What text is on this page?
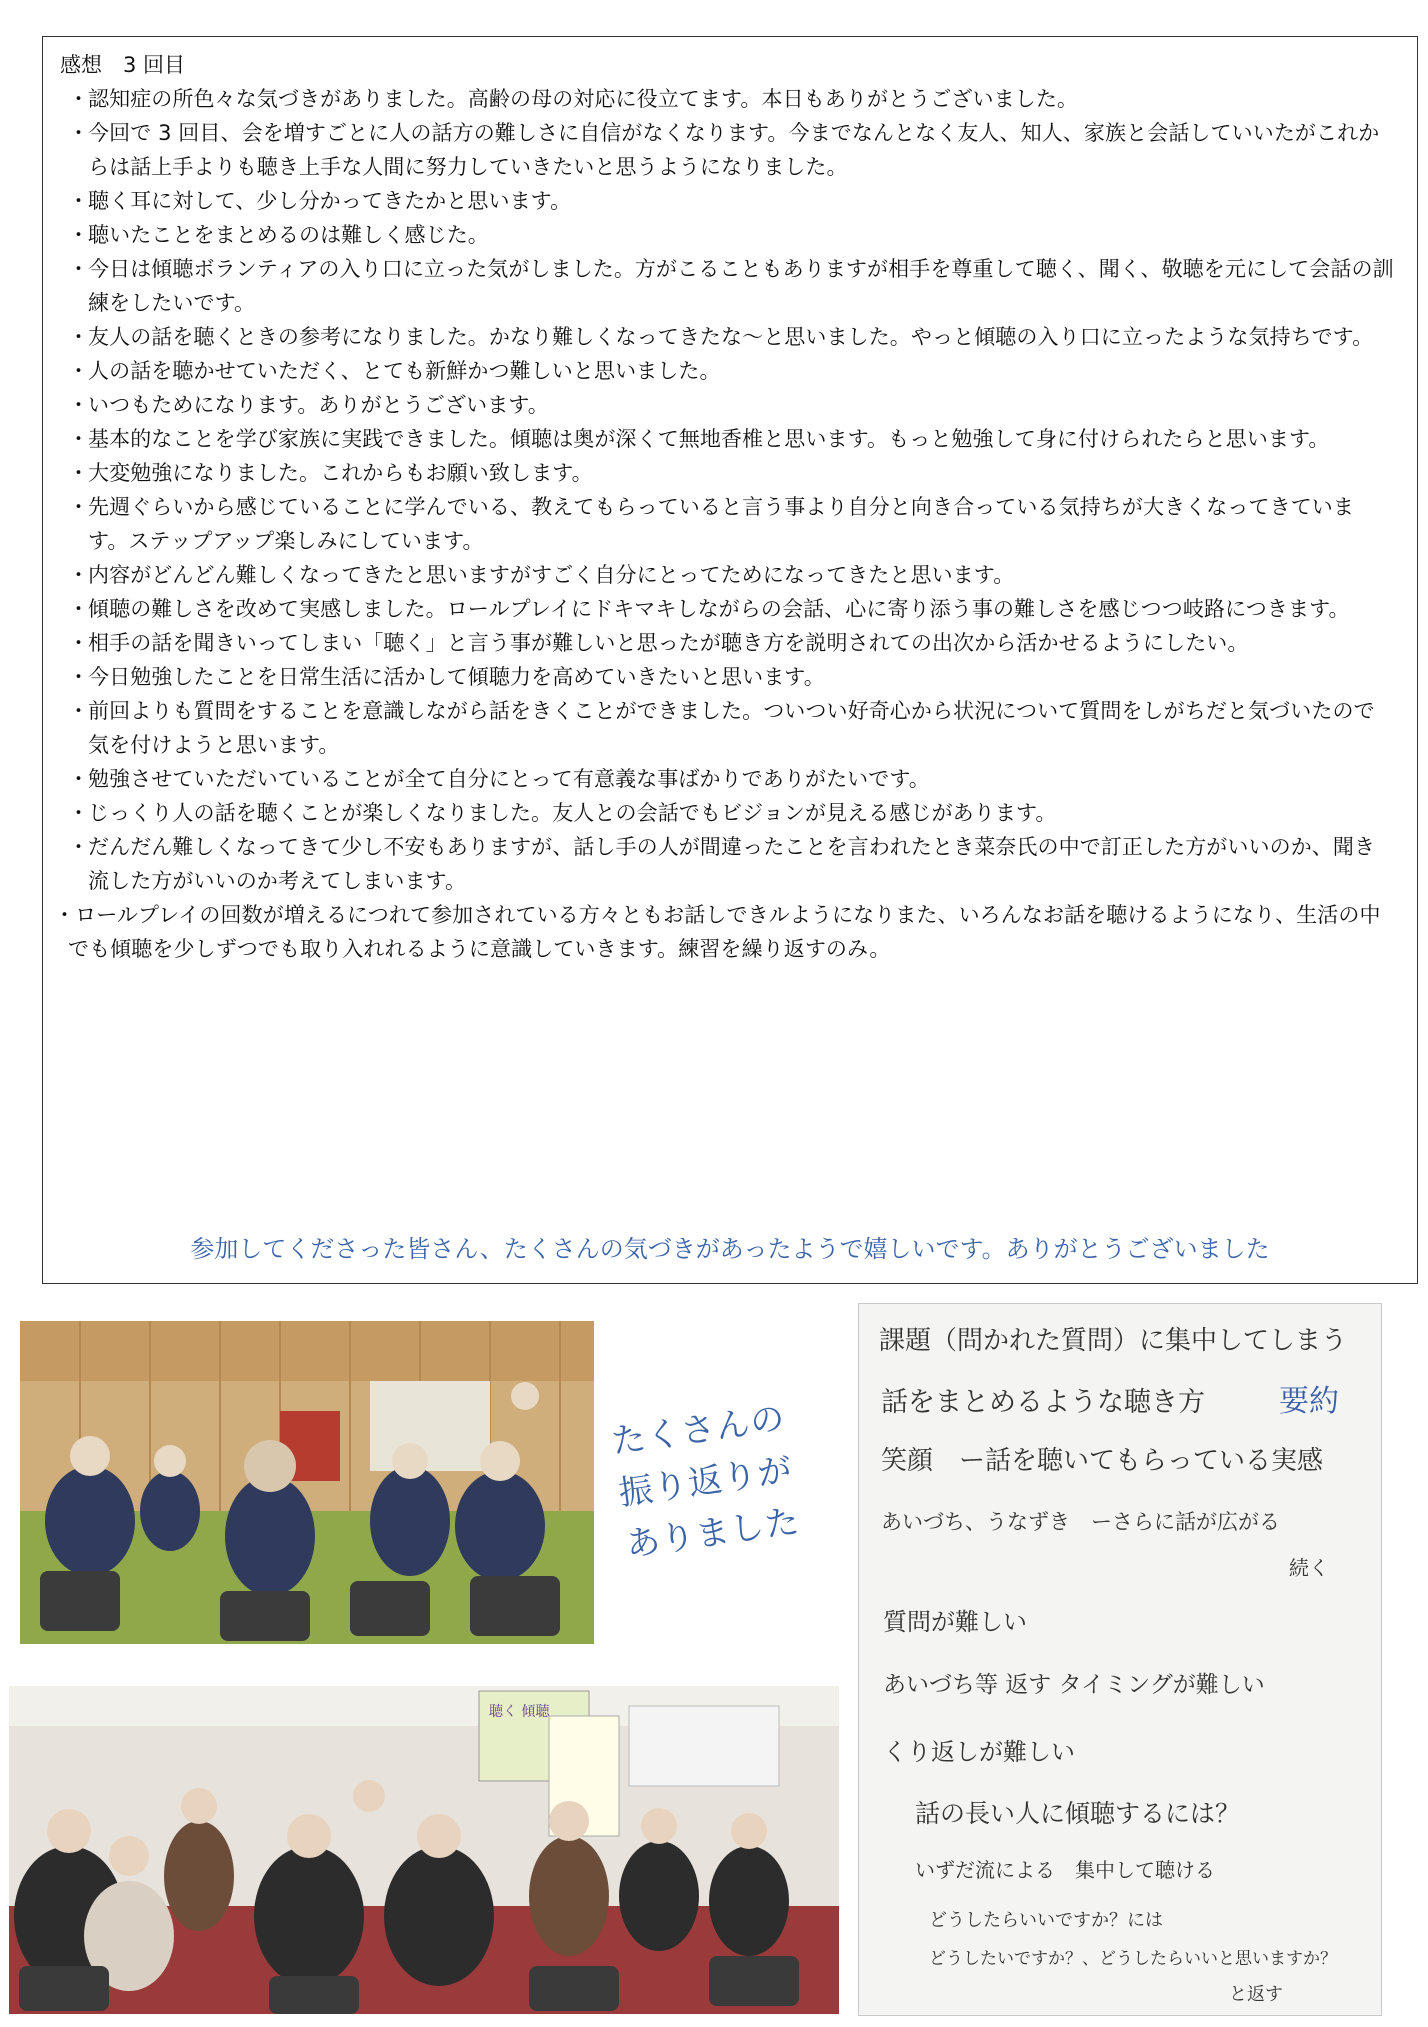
感想　3 回目
・認知症の所色々な気づきがありました。高齢の母の対応に役立てます。本日もありがとうございました。
・今回で 3 回目、会を増すごとに人の話方の難しさに自信がなくなります。今までなんとなく友人、知人、家族と会話していいたがこれからは話上手よりも聴き上手な人間に努力していきたいと思うようになりました。
・聴く耳に対して、少し分かってきたかと思います。
・聴いたことをまとめるのは難しく感じた。
・今日は傾聴ボランティアの入り口に立った気がしました。方がこることもありますが相手を尊重して聴く、聞く、敬聴を元にして会話の訓練をしたいです。
・友人の話を聴くときの参考になりました。かなり難しくなってきたな～と思いました。やっと傾聴の入り口に立ったような気持ちです。
・人の話を聴かせていただく、とても新鮮かつ難しいと思いました。
・いつもためになります。ありがとうございます。
・基本的なことを学び家族に実践できました。傾聴は奥が深くて無地香椎と思います。もっと勉強して身に付けられたらと思います。
・大変勉強になりました。これからもお願い致します。
・先週ぐらいから感じていることに学んでいる、教えてもらっていると言う事より自分と向き合っている気持ちが大きくなってきています。ステップアップ楽しみにしています。
・内容がどんどん難しくなってきたと思いますがすごく自分にとってためになってきたと思います。
・傾聴の難しさを改めて実感しました。ロールプレイにドキマキしながらの会話、心に寄り添う事の難しさを感じつつ岐路につきます。
・相手の話を聞きいってしまい「聴く」と言う事が難しいと思ったが聴き方を説明されての出次から活かせるようにしたい。
・今日勉強したことを日常生活に活かして傾聴力を高めていきたいと思います。
・前回よりも質問をすることを意識しながら話をきくことができました。ついつい好奇心から状況について質問をしがちだと気づいたので気を付けようと思います。
・勉強させていただいていることが全て自分にとって有意義な事ばかりでありがたいです。
・じっくり人の話を聴くことが楽しくなりました。友人との会話でもビジョンが見える感じがあります。
・だんだん難しくなってきて少し不安もありますが、話し手の人が間違ったことを言われたとき菜奈氏の中で訂正した方がいいのか、聞き流した方がいいのか考えてしまいます。
・ロールプレイの回数が増えるにつれて参加されている方々ともお話しできルようになりまた、いろんなお話を聴けるようになり、生活の中でも傾聴を少しずつでも取り入れれるように意識していきます。練習を繰り返すのみ。
参加してくださった皆さん、たくさんの気づきがあったようで嬉しいです。ありがとうございました
たくさんの
振り返りが
ありました
聴く 傾聴
課題（問かれた質問）に集中してしまう
話をまとめるような聴き方 要約
笑顔　ー話を聴いてもらっている実感
あいづち、うなずき　ーさらに話が広がる
続く
質問が難しい
あいづち等 返す タイミングが難しい
くり返しが難しい
話の長い人に傾聴するには？
いずだ流による　集中して聴ける
どうしたらいいですか？には
どうしたいですか？、どうしたらいいと思いますか？
と返す
